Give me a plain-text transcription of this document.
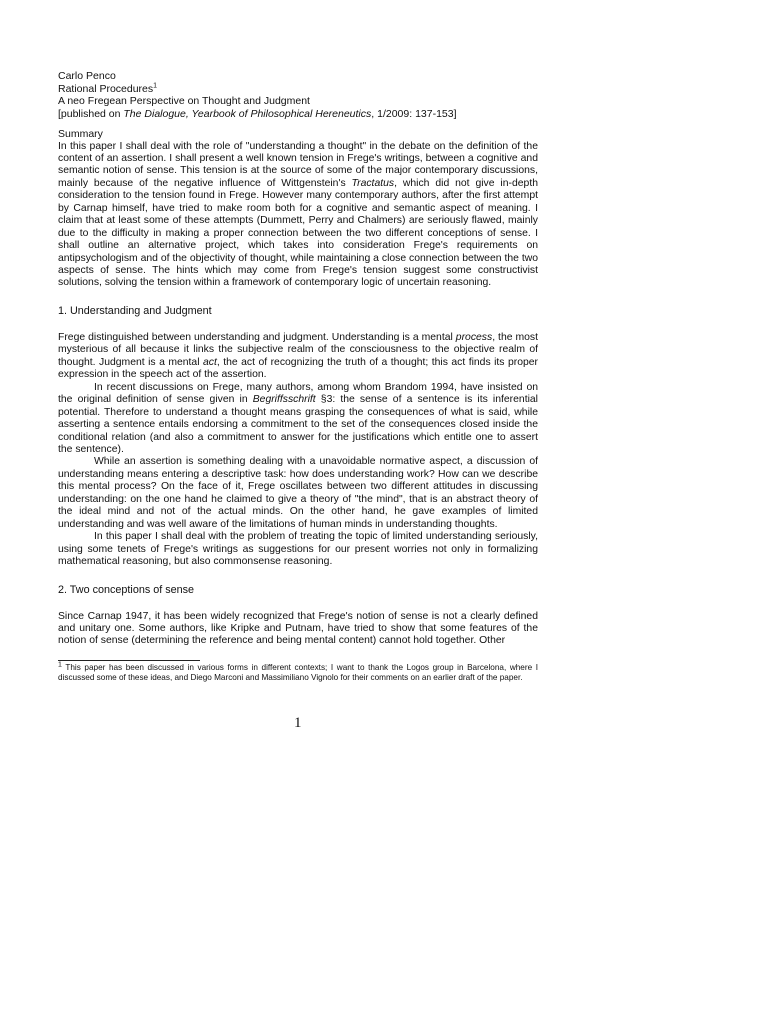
Carlo Penco
Rational Procedures$^1$
A neo Fregean Perspective on Thought and Judgment
[published on The Dialogue, Yearbook of Philosophical Hereneutics, 1/2009: 137-153]
Summary

In this paper I shall deal with the role of "understanding a thought" in the debate on the definition of the content of an assertion. I shall present a well known tension in Frege's writings, between a cognitive and semantic notion of sense. This tension is at the source of some of the major contemporary discussions, mainly because of the negative influence of Wittgenstein's Tractatus, which did not give in-depth consideration to the tension found in Frege. However many contemporary authors, after the first attempt by Carnap himself, have tried to make room both for a cognitive and semantic aspect of meaning. I claim that at least some of these attempts (Dummett, Perry and Chalmers) are seriously flawed, mainly due to the difficulty in making a proper connection between the two different conceptions of sense. I shall outline an alternative project, which takes into consideration Frege's requirements on antipsychologism and of the objectivity of thought, while maintaining a close connection between the two aspects of sense. The hints which may come from Frege's tension suggest some constructivist solutions, solving the tension within a framework of contemporary logic of uncertain reasoning.

1. Understanding and Judgment

Frege distinguished between understanding and judgment. Understanding is a mental process, the most mysterious of all because it links the subjective realm of the consciousness to the objective realm of thought. Judgment is a mental act, the act of recognizing the truth of a thought; this act finds its proper expression in the speech act of the assertion.

In recent discussions on Frege, many authors, among whom Brandom 1994, have insisted on the original definition of sense given in Begriffsschrift §3: the sense of a sentence is its inferential potential. Therefore to understand a thought means grasping the consequences of what is said, while asserting a sentence entails endorsing a commitment to the set of the consequences closed inside the conditional relation (and also a commitment to answer for the justifications which entitle one to assert the sentence).

While an assertion is something dealing with a unavoidable normative aspect, a discussion of understanding means entering a descriptive task: how does understanding work? How can we describe this mental process? On the face of it, Frege oscillates between two different attitudes in discussing understanding: on the one hand he claimed to give a theory of "the mind", that is an abstract theory of the ideal mind and not of the actual minds. On the other hand, he gave examples of limited understanding and was well aware of the limitations of human minds in understanding thoughts.

In this paper I shall deal with the problem of treating the topic of limited understanding seriously, using some tenets of Frege's writings as suggestions for our present worries not only in formalizing mathematical reasoning, but also commonsense reasoning.

2. Two conceptions of sense

Since Carnap 1947, it has been widely recognized that Frege's notion of sense is not a clearly defined and unitary one. Some authors, like Kripke and Putnam, have tried to show that some features of the notion of sense (determining the reference and being mental content) cannot hold together. Other

$^1$ This paper has been discussed in various forms in different contexts; I want to thank the Logos group in Barcelona, where I discussed some of these ideas, and Diego Marconi and Massimiliano Vignolo for their comments on an earlier draft of the paper.
1
